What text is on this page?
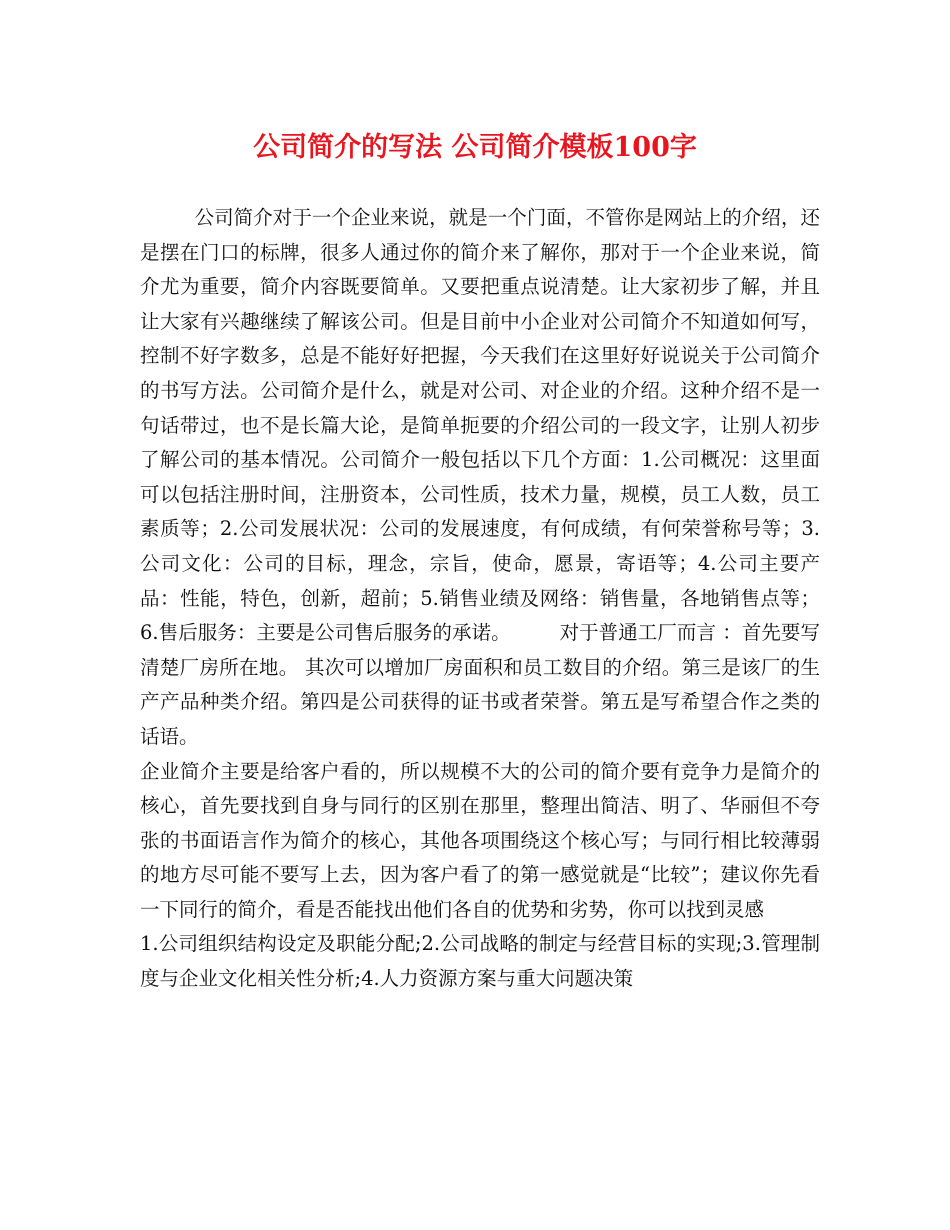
公司简介的写法 公司简介模板100字

公司简介对于一个企业来说，就是一个门面，不管你是网站上的介绍，还是摆在门口的标牌，很多人通过你的简介来了解你，那对于一个企业来说，简介尤为重要，简介内容既要简单。又要把重点说清楚。让大家初步了解，并且让大家有兴趣继续了解该公司。但是目前中小企业对公司简介不知道如何写，控制不好字数多，总是不能好好把握，今天我们在这里好好说说关于公司简介的书写方法。公司简介是什么，就是对公司、对企业的介绍。这种介绍不是一句话带过，也不是长篇大论，是简单扼要的介绍公司的一段文字，让别人初步了解公司的基本情况。公司简介一般包括以下几个方面：1.公司概况：这里面可以包括注册时间，注册资本，公司性质，技术力量，规模，员工人数，员工素质等；2.公司发展状况：公司的发展速度，有何成绩，有何荣誉称号等；3.公司文化：公司的目标，理念，宗旨，使命，愿景，寄语等；4.公司主要产品：性能，特色，创新，超前；5.销售业绩及网络：销售量，各地销售点等；6.售后服务：主要是公司售后服务的承诺。　　　对于普通工厂而言 ：首先要写清楚厂房所在地。 其次可以增加厂房面积和员工数目的介绍。第三是该厂的生产产品种类介绍。第四是公司获得的证书或者荣誉。第五是写希望合作之类的话语。

企业简介主要是给客户看的，所以规模不大的公司的简介要有竞争力是简介的核心，首先要找到自身与同行的区别在那里，整理出简洁、明了、华丽但不夸张的书面语言作为简介的核心，其他各项围绕这个核心写；与同行相比较薄弱的地方尽可能不要写上去，因为客户看了的第一感觉就是“比较”；建议你先看一下同行的简介，看是否能找出他们各自的优势和劣势，你可以找到灵感

1.公司组织结构设定及职能分配;2.公司战略的制定与经营目标的实现;3.管理制度与企业文化相关性分析;4.人力资源方案与重大问题决策
